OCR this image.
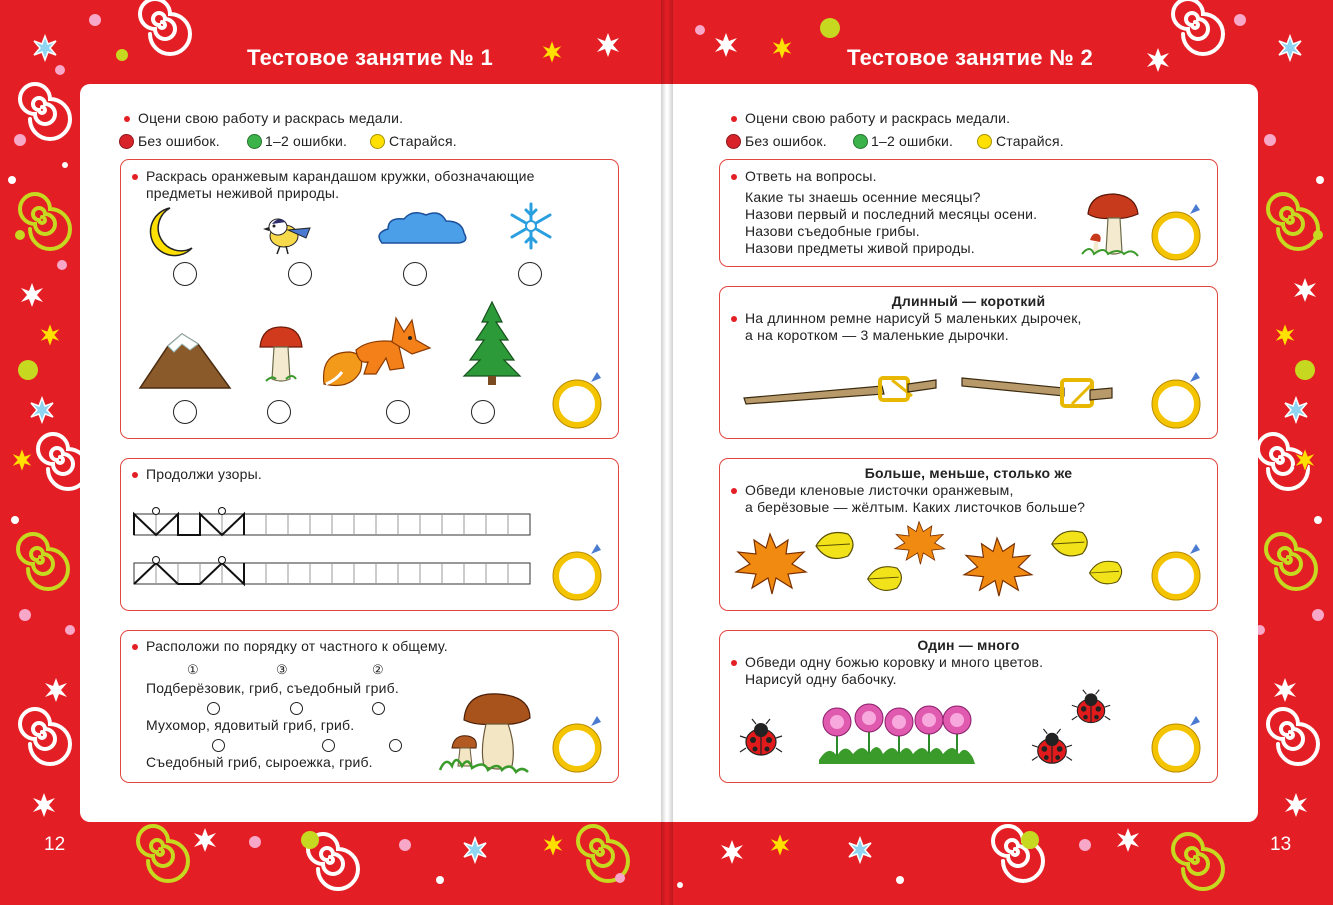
Тестовое занятие № 1	Тестовое занятие № 2
12	13
Оцени свою работу и раскрась медали.
Без ошибок.	1–2 ошибки.	Старайся.
Раскрась оранжевым карандашом кружки, обозначающие
предметы неживой природы.
Продолжи узоры.
Расположи по порядку от частного к общему.
①	③	②
Подберёзовик, гриб, съедобный гриб.
Мухомор, ядовитый гриб, гриб.
Съедобный гриб, сыроежка, гриб.
Оцени свою работу и раскрась медали.
Без ошибок.	1–2 ошибки.	Старайся.
Ответь на вопросы.
Какие ты знаешь осенние месяцы?
Назови первый и последний месяцы осени.
Назови съедобные грибы.
Назови предметы живой природы.
Длинный — короткий
На длинном ремне нарисуй 5 маленьких дырочек,
а на коротком — 3 маленькие дырочки.
Больше, меньше, столько же
Обведи кленовые листочки оранжевым,
а берёзовые — жёлтым. Каких листочков больше?
Один — много
Обведи одну божью коровку и много цветов.
Нарисуй одну бабочку.
